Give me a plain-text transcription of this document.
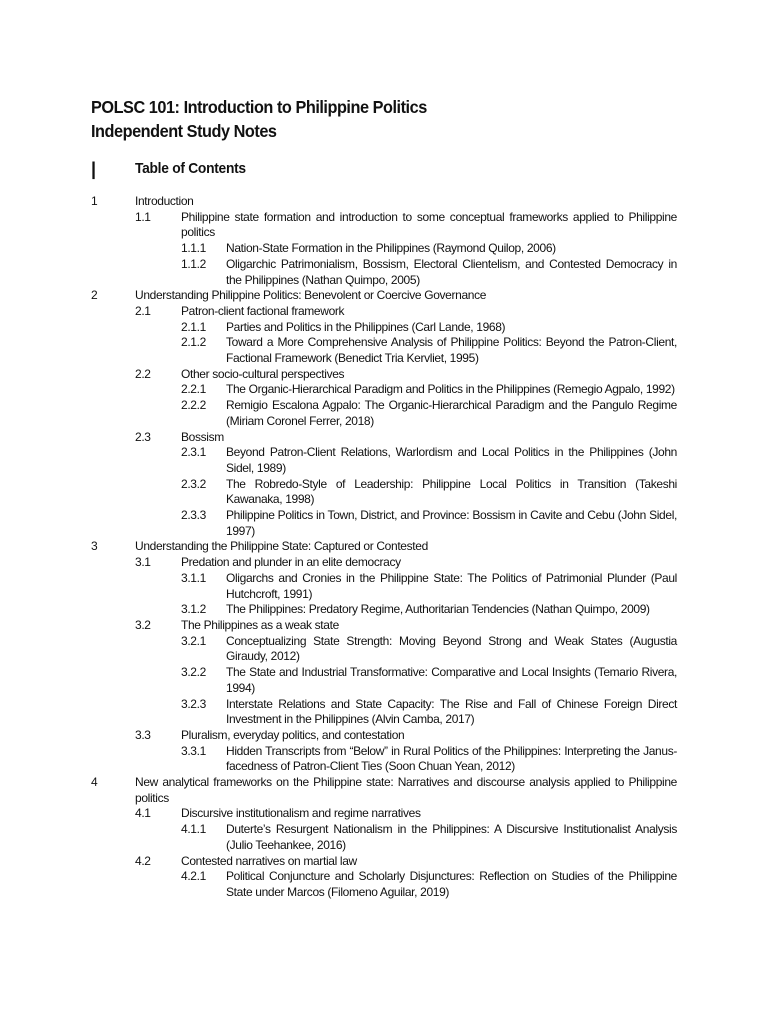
POLSC 101: Introduction to Philippine Politics
Independent Study Notes
|	Table of Contents
1	Introduction
1.1	Philippine state formation and introduction to some conceptual frameworks applied to Philippine politics
1.1.1 Nation-State Formation in the Philippines (Raymond Quilop, 2006)
1.1.2 Oligarchic Patrimonialism, Bossism, Electoral Clientelism, and Contested Democracy in the Philippines (Nathan Quimpo, 2005)
2	Understanding Philippine Politics: Benevolent or Coercive Governance
2.1	Patron-client factional framework
2.1.1 Parties and Politics in the Philippines (Carl Lande, 1968)
2.1.2 Toward a More Comprehensive Analysis of Philippine Politics: Beyond the Patron-Client, Factional Framework (Benedict Tria Kervliet, 1995)
2.2	Other socio-cultural perspectives
2.2.1 The Organic-Hierarchical Paradigm and Politics in the Philippines (Remegio Agpalo, 1992)
2.2.2 Remigio Escalona Agpalo: The Organic-Hierarchical Paradigm and the Pangulo Regime (Miriam Coronel Ferrer, 2018)
2.3	Bossism
2.3.1 Beyond Patron-Client Relations, Warlordism and Local Politics in the Philippines (John Sidel, 1989)
2.3.2 The Robredo-Style of Leadership: Philippine Local Politics in Transition (Takeshi Kawanaka, 1998)
2.3.3 Philippine Politics in Town, District, and Province: Bossism in Cavite and Cebu (John Sidel, 1997)
3	Understanding the Philippine State: Captured or Contested
3.1	Predation and plunder in an elite democracy
3.1.1 Oligarchs and Cronies in the Philippine State: The Politics of Patrimonial Plunder (Paul Hutchcroft, 1991)
3.1.2 The Philippines: Predatory Regime, Authoritarian Tendencies (Nathan Quimpo, 2009)
3.2	The Philippines as a weak state
3.2.1 Conceptualizing State Strength: Moving Beyond Strong and Weak States (Augustia Giraudy, 2012)
3.2.2 The State and Industrial Transformative: Comparative and Local Insights (Temario Rivera, 1994)
3.2.3 Interstate Relations and State Capacity: The Rise and Fall of Chinese Foreign Direct Investment in the Philippines (Alvin Camba, 2017)
3.3	Pluralism, everyday politics, and contestation
3.3.1 Hidden Transcripts from “Below” in Rural Politics of the Philippines: Interpreting the Janus-facedness of Patron-Client Ties (Soon Chuan Yean, 2012)
4	New analytical frameworks on the Philippine state: Narratives and discourse analysis applied to Philippine politics
4.1	Discursive institutionalism and regime narratives
4.1.1 Duterte’s Resurgent Nationalism in the Philippines: A Discursive Institutionalist Analysis (Julio Teehankee, 2016)
4.2	Contested narratives on martial law
4.2.1 Political Conjuncture and Scholarly Disjunctures: Reflection on Studies of the Philippine State under Marcos (Filomeno Aguilar, 2019)
